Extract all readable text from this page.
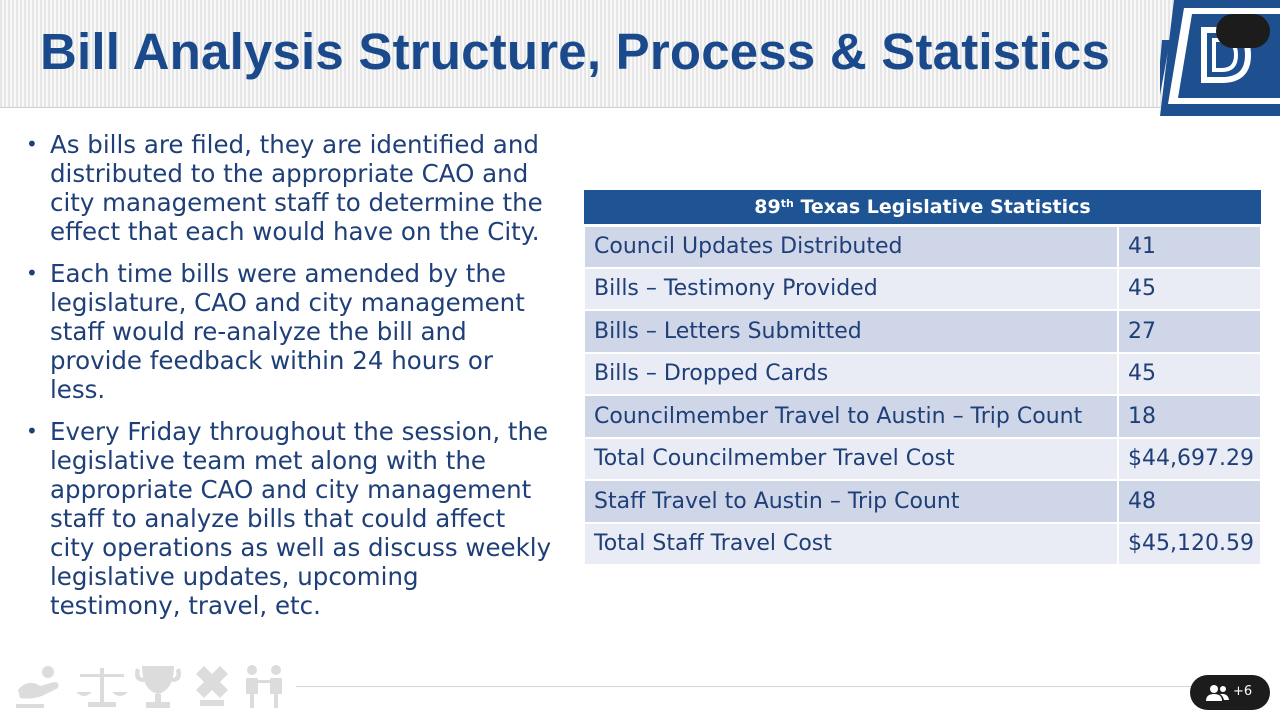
Bill Analysis Structure, Process & Statistics
• As bills are filed, they are identified and distributed to the appropriate CAO and city management staff to determine the effect that each would have on the City.
• Each time bills were amended by the legislature, CAO and city management staff would re-analyze the bill and provide feedback within 24 hours or less.
• Every Friday throughout the session, the legislative team met along with the appropriate CAO and city management staff to analyze bills that could affect city operations as well as discuss weekly legislative updates, upcoming testimony, travel, etc.
89th Texas Legislative Statistics	
Council Updates Distributed	41
Bills – Testimony Provided	45
Bills – Letters Submitted	27
Bills – Dropped Cards	45
Councilmember Travel to Austin – Trip Count	18
Total Councilmember Travel Cost	$44,697.29
Staff Travel to Austin – Trip Count	48
Total Staff Travel Cost	$45,120.59
+6
